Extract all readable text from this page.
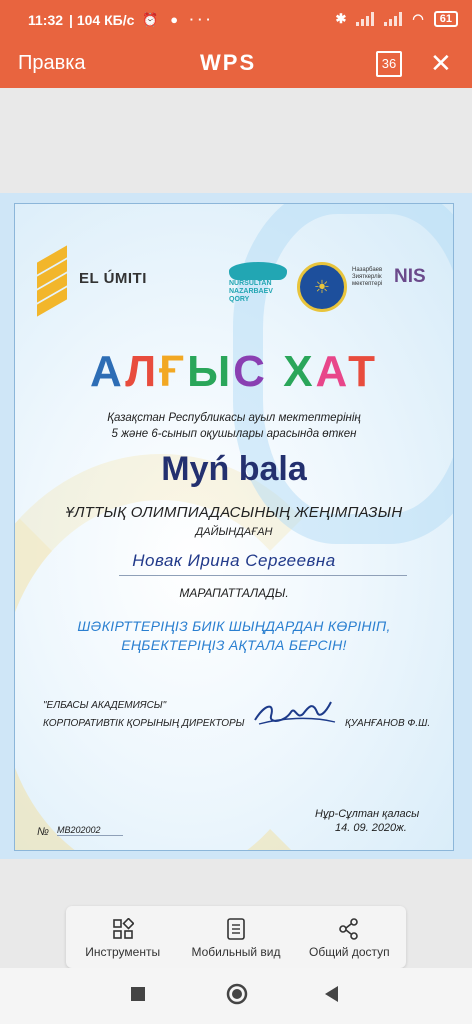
11:32 | 104 КБ/с ⏰ ● ···	✱	◠	61
Правка	WPS	36 ✕
EL ÚMITI	NURSULTAN NAZARBAEV QORY
☀
Назарбаев Зияткерлік мектептері NIS
АЛҒЫС ХАТ
Қазақстан Республикасы ауыл мектептерінің
5 және 6-сынып оқушылары арасында өткен
Myń bala
ҰЛТТЫҚ ОЛИМПИАДАСЫНЫҢ ЖЕҢІМПАЗЫН
ДАЙЫНДАҒАН
Новак Ирина Сергеевна
МАРАПАТТАЛАДЫ.
ШӘКІРТТЕРІҢІЗ БИІК ШЫҢДАРДАН КӨРІНІП,
ЕҢБЕКТЕРІҢІЗ АҚТАЛА БЕРСІН!
"ЕЛБАСЫ АКАДЕМИЯСЫ"
КОРПОРАТИВТІК ҚОРЫНЫҢ ДИРЕКТОРЫ	ҚУАНҒАНОВ Ф.Ш.
Нұр-Сұлтан қаласы
14. 09. 2020ж.
№ MB202002
Инструменты	Мобильный вид Общий доступ
